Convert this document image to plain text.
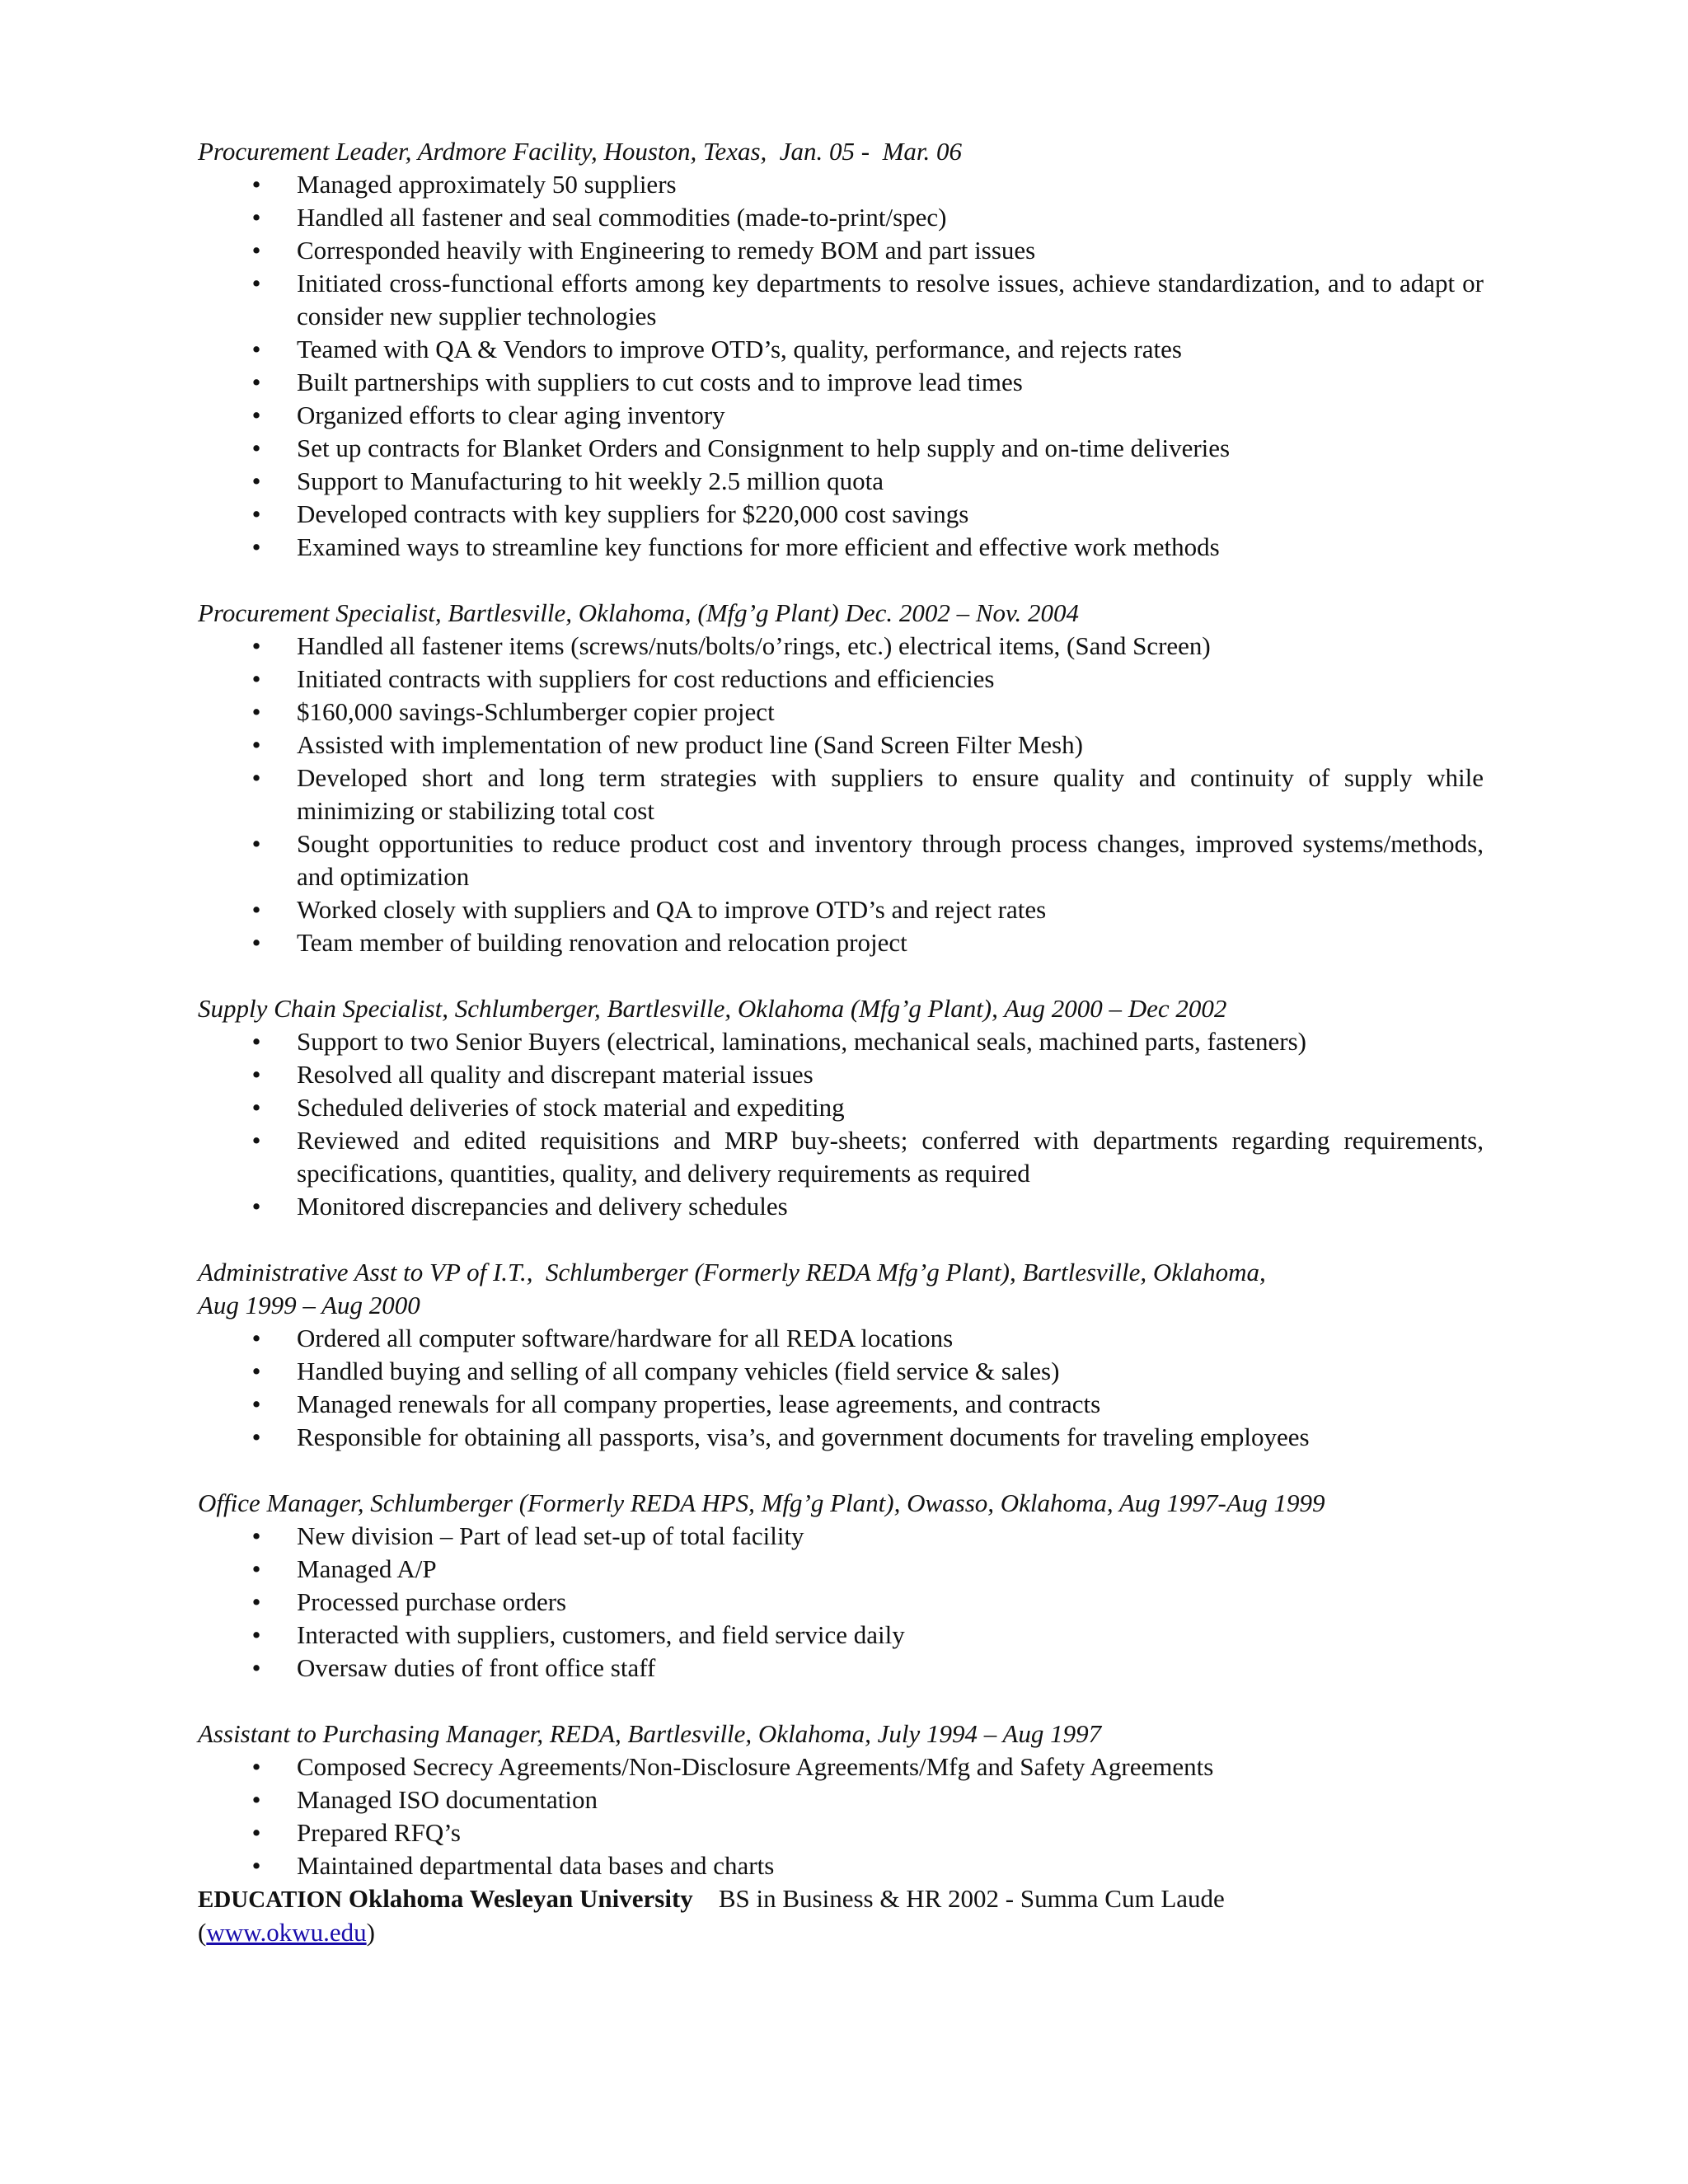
Procurement Leader, Ardmore Facility, Houston, Texas,  Jan. 05 -  Mar. 06

• Managed approximately 50 suppliers
• Handled all fastener and seal commodities (made-to-print/spec)
• Corresponded heavily with Engineering to remedy BOM and part issues
• Initiated cross-functional efforts among key departments to resolve issues, achieve standardization, and to adapt or consider new supplier technologies
• Teamed with QA & Vendors to improve OTD’s, quality, performance, and rejects rates
• Built partnerships with suppliers to cut costs and to improve lead times
• Organized efforts to clear aging inventory
• Set up contracts for Blanket Orders and Consignment to help supply and on-time deliveries
• Support to Manufacturing to hit weekly 2.5 million quota
• Developed contracts with key suppliers for $220,000 cost savings
• Examined ways to streamline key functions for more efficient and effective work methods

Procurement Specialist, Bartlesville, Oklahoma, (Mfg’g Plant) Dec. 2002 – Nov. 2004

• Handled all fastener items (screws/nuts/bolts/o’rings, etc.) electrical items, (Sand Screen)
• Initiated contracts with suppliers for cost reductions and efficiencies
• $160,000 savings-Schlumberger copier project
• Assisted with implementation of new product line (Sand Screen Filter Mesh)
• Developed short and long term strategies with suppliers to ensure quality and continuity of supply while minimizing or stabilizing total cost
• Sought opportunities to reduce product cost and inventory through process changes, improved systems/methods, and optimization
• Worked closely with suppliers and QA to improve OTD’s and reject rates
• Team member of building renovation and relocation project

Supply Chain Specialist, Schlumberger, Bartlesville, Oklahoma (Mfg’g Plant), Aug 2000 – Dec 2002

• Support to two Senior Buyers (electrical, laminations, mechanical seals, machined parts, fasteners)
• Resolved all quality and discrepant material issues
• Scheduled deliveries of stock material and expediting
• Reviewed and edited requisitions and MRP buy-sheets; conferred with departments regarding requirements, specifications, quantities, quality, and delivery requirements as required
• Monitored discrepancies and delivery schedules

Administrative Asst to VP of I.T.,  Schlumberger (Formerly REDA Mfg’g Plant), Bartlesville, Oklahoma,
Aug 1999 – Aug 2000

• Ordered all computer software/hardware for all REDA locations
• Handled buying and selling of all company vehicles (field service & sales)
• Managed renewals for all company properties, lease agreements, and contracts
• Responsible for obtaining all passports, visa’s, and government documents for traveling employees

Office Manager, Schlumberger (Formerly REDA HPS, Mfg’g Plant), Owasso, Oklahoma, Aug 1997-Aug 1999

• New division – Part of lead set-up of total facility
• Managed A/P
• Processed purchase orders
• Interacted with suppliers, customers, and field service daily
• Oversaw duties of front office staff

Assistant to Purchasing Manager, REDA, Bartlesville, Oklahoma, July 1994 – Aug 1997

• Composed Secrecy Agreements/Non-Disclosure Agreements/Mfg and Safety Agreements
• Managed ISO documentation
• Prepared RFQ’s
• Maintained departmental data bases and charts

EDUCATION Oklahoma Wesleyan University BS in Business & HR 2002 - Summa Cum Laude
(www.okwu.edu)
